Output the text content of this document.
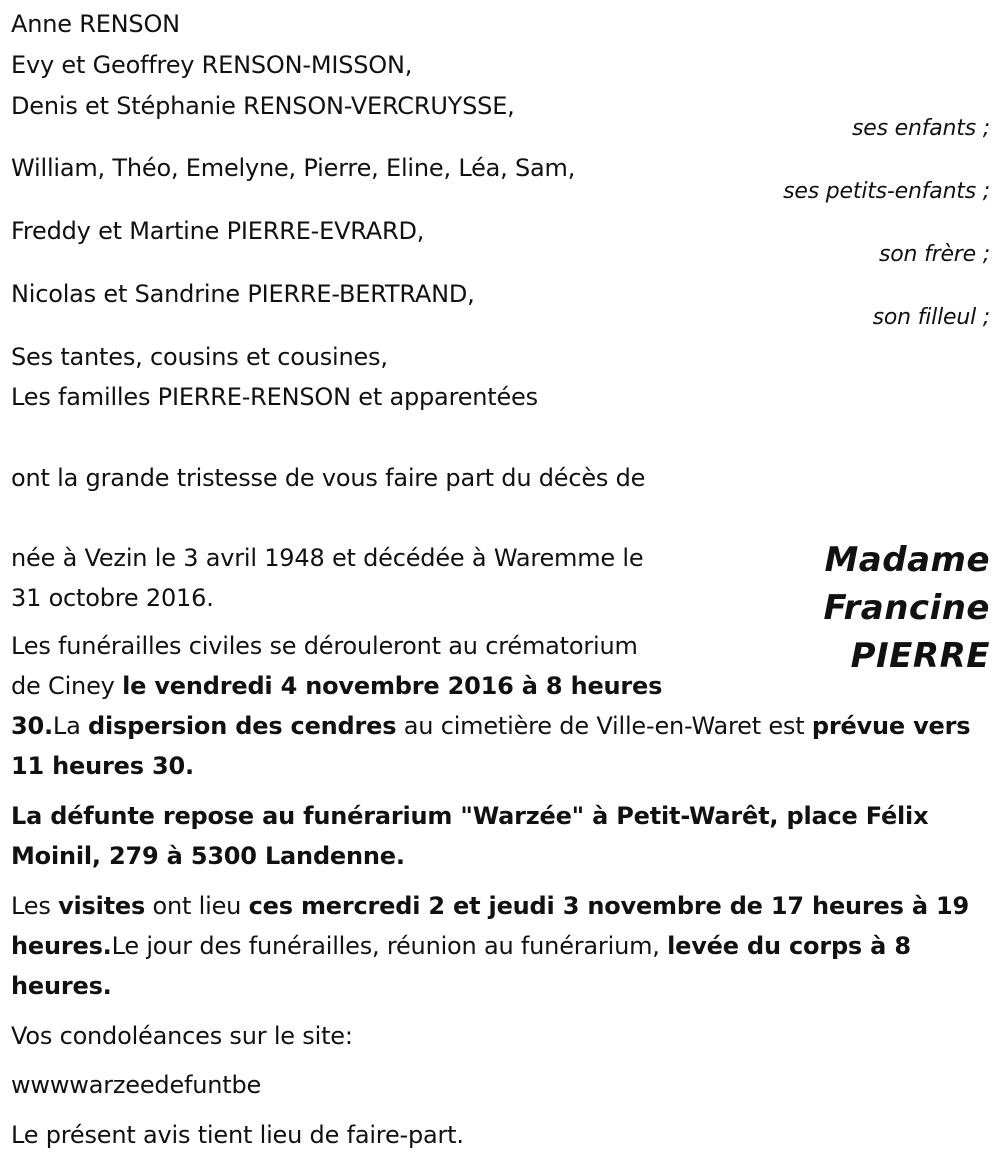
Anne RENSON
Evy et Geoffrey RENSON-MISSON,
Denis et Stéphanie RENSON-VERCRUYSSE,
ses enfants ;
William, Théo, Emelyne, Pierre, Eline, Léa, Sam,
ses petits-enfants ;
Freddy et Martine PIERRE-EVRARD,
son frère ;
Nicolas et Sandrine PIERRE-BERTRAND,
son filleul ;
Ses tantes, cousins et cousines,
Les familles PIERRE-RENSON et apparentées
ont la grande tristesse de vous faire part du décès de
Madame
Francine
PIERRE
née à Vezin le 3 avril 1948 et décédée à Waremme le
31 octobre 2016.
Les funérailles civiles se dérouleront au crématorium
de Ciney le vendredi 4 novembre 2016 à 8 heures
30.La dispersion des cendres au cimetière de Ville-en-Waret est prévue vers 11 heures 30.
La défunte repose au funérarium "Warzée" à Petit-Warêt, place Félix Moinil, 279 à 5300 Landenne.
Les visites ont lieu ces mercredi 2 et jeudi 3 novembre de 17 heures à 19 heures.Le jour des funérailles, réunion au funérarium, levée du corps à 8 heures.
Vos condoléances sur le site:
wwwwarzeedefuntbe
Le présent avis tient lieu de faire-part.
